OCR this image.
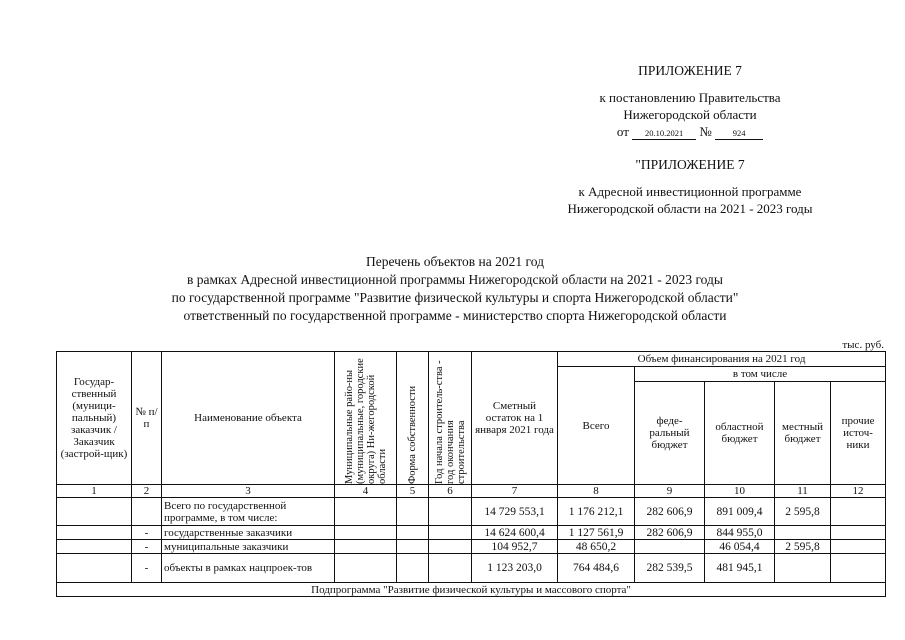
ПРИЛОЖЕНИЕ 7
к постановлению Правительства
Нижегородской области
от 20.10.2021 № 924
"ПРИЛОЖЕНИЕ 7
к Адресной инвестиционной программе
Нижегородской области на 2021 - 2023 годы
Перечень объектов на 2021 год
в рамках Адресной инвестиционной программы Нижегородской области на 2021 - 2023 годы
по государственной программе "Развитие физической культуры и спорта Нижегородской области"
ответственный по государственной программе - министерство спорта Нижегородской области
тыс. руб.
Государ-ственный (муници-пальный) заказчик / Заказчик (застрой-щик)	№ п/п	Наименование объекта	Муниципальные райо-ны (муниципальные, городские округа) Ни-жегородской области	Форма собственности	Год начала строитель-ства - год окончания строительства	Сметный остаток на 1 января 2021 года	Объем финансирования на 2021 год				
							Всего	в том числе			
								феде-ральный бюджет	областной бюджет	местный бюджет	прочие источ-ники
1	2	3	4	5	6	7	8	9	10	11	12
		Всего по государственной программе, в том числе:				14 729 553,1	1 176 212,1	282 606,9	891 009,4	2 595,8	
	-	государственные заказчики				14 624 600,4	1 127 561,9	282 606,9	844 955,0		
	-	муниципальные заказчики				104 952,7	48 650,2		46 054,4	2 595,8	
	-	объекты в рамках нацпроек-тов				1 123 203,0	764 484,6	282 539,5	481 945,1		
Подпрограмма "Развитие физической культуры и массового спорта"											
